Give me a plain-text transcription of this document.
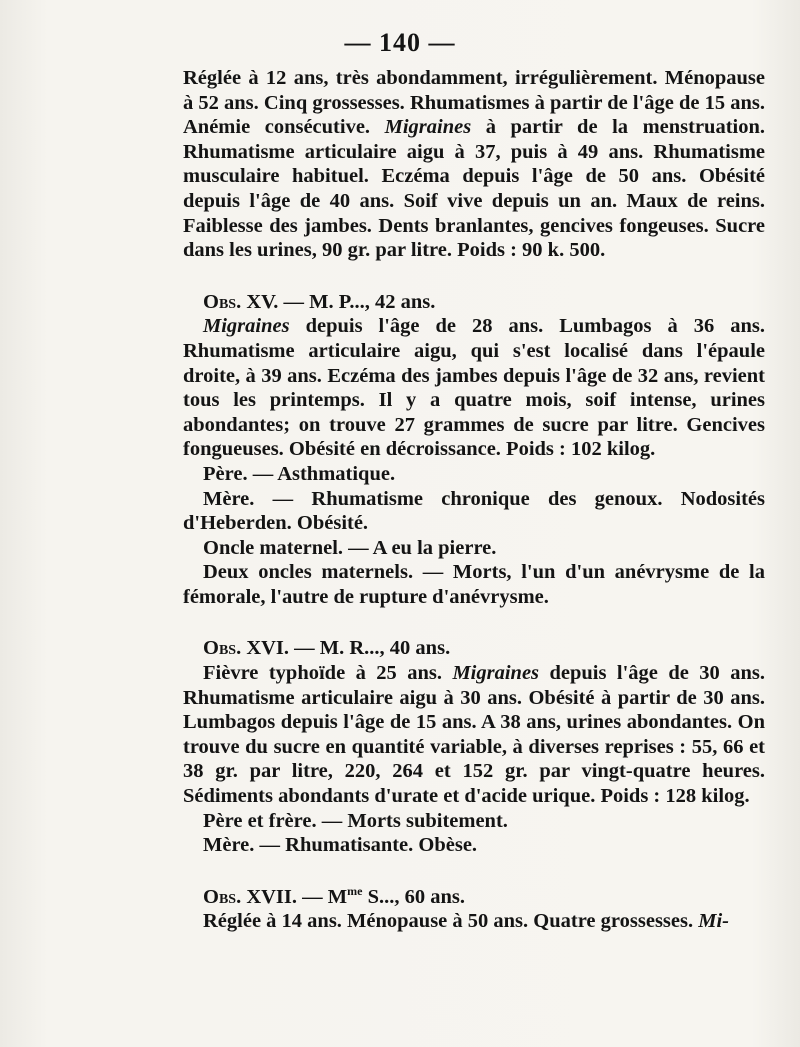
— 140 —

Réglée à 12 ans, très abondamment, irrégulièrement. Ménopause à 52 ans. Cinq grossesses. Rhumatismes à partir de l'âge de 15 ans. Anémie consécutive. Migraines à partir de la menstruation. Rhumatisme articulaire aigu à 37, puis à 49 ans. Rhumatisme musculaire habituel. Eczéma depuis l'âge de 50 ans. Obésité depuis l'âge de 40 ans. Soif vive depuis un an. Maux de reins. Faiblesse des jambes. Dents branlantes, gencives fongeuses. Sucre dans les urines, 90 gr. par litre. Poids : 90 k. 500.

Obs. XV. — M. P..., 42 ans.

Migraines depuis l'âge de 28 ans. Lumbagos à 36 ans. Rhumatisme articulaire aigu, qui s'est localisé dans l'épaule droite, à 39 ans. Eczéma des jambes depuis l'âge de 32 ans, revient tous les printemps. Il y a quatre mois, soif intense, urines abondantes; on trouve 27 grammes de sucre par litre. Gencives fongueuses. Obésité en décroissance. Poids : 102 kilog.

Père. — Asthmatique.

Mère. — Rhumatisme chronique des genoux. Nodosités d'Heberden. Obésité.

Oncle maternel. — A eu la pierre.

Deux oncles maternels. — Morts, l'un d'un anévrysme de la fémorale, l'autre de rupture d'anévrysme.

Obs. XVI. — M. R..., 40 ans.

Fièvre typhoïde à 25 ans. Migraines depuis l'âge de 30 ans. Rhumatisme articulaire aigu à 30 ans. Obésité à partir de 30 ans. Lumbagos depuis l'âge de 15 ans. A 38 ans, urines abondantes. On trouve du sucre en quantité variable, à diverses reprises : 55, 66 et 38 gr. par litre, 220, 264 et 152 gr. par vingt-quatre heures. Sédiments abondants d'urate et d'acide urique. Poids : 128 kilog.

Père et frère. — Morts subitement.

Mère. — Rhumatisante. Obèse.

Obs. XVII. — $M^{me}$ S..., 60 ans.

Réglée à 14 ans. Ménopause à 50 ans. Quatre grossesses. Mi-
